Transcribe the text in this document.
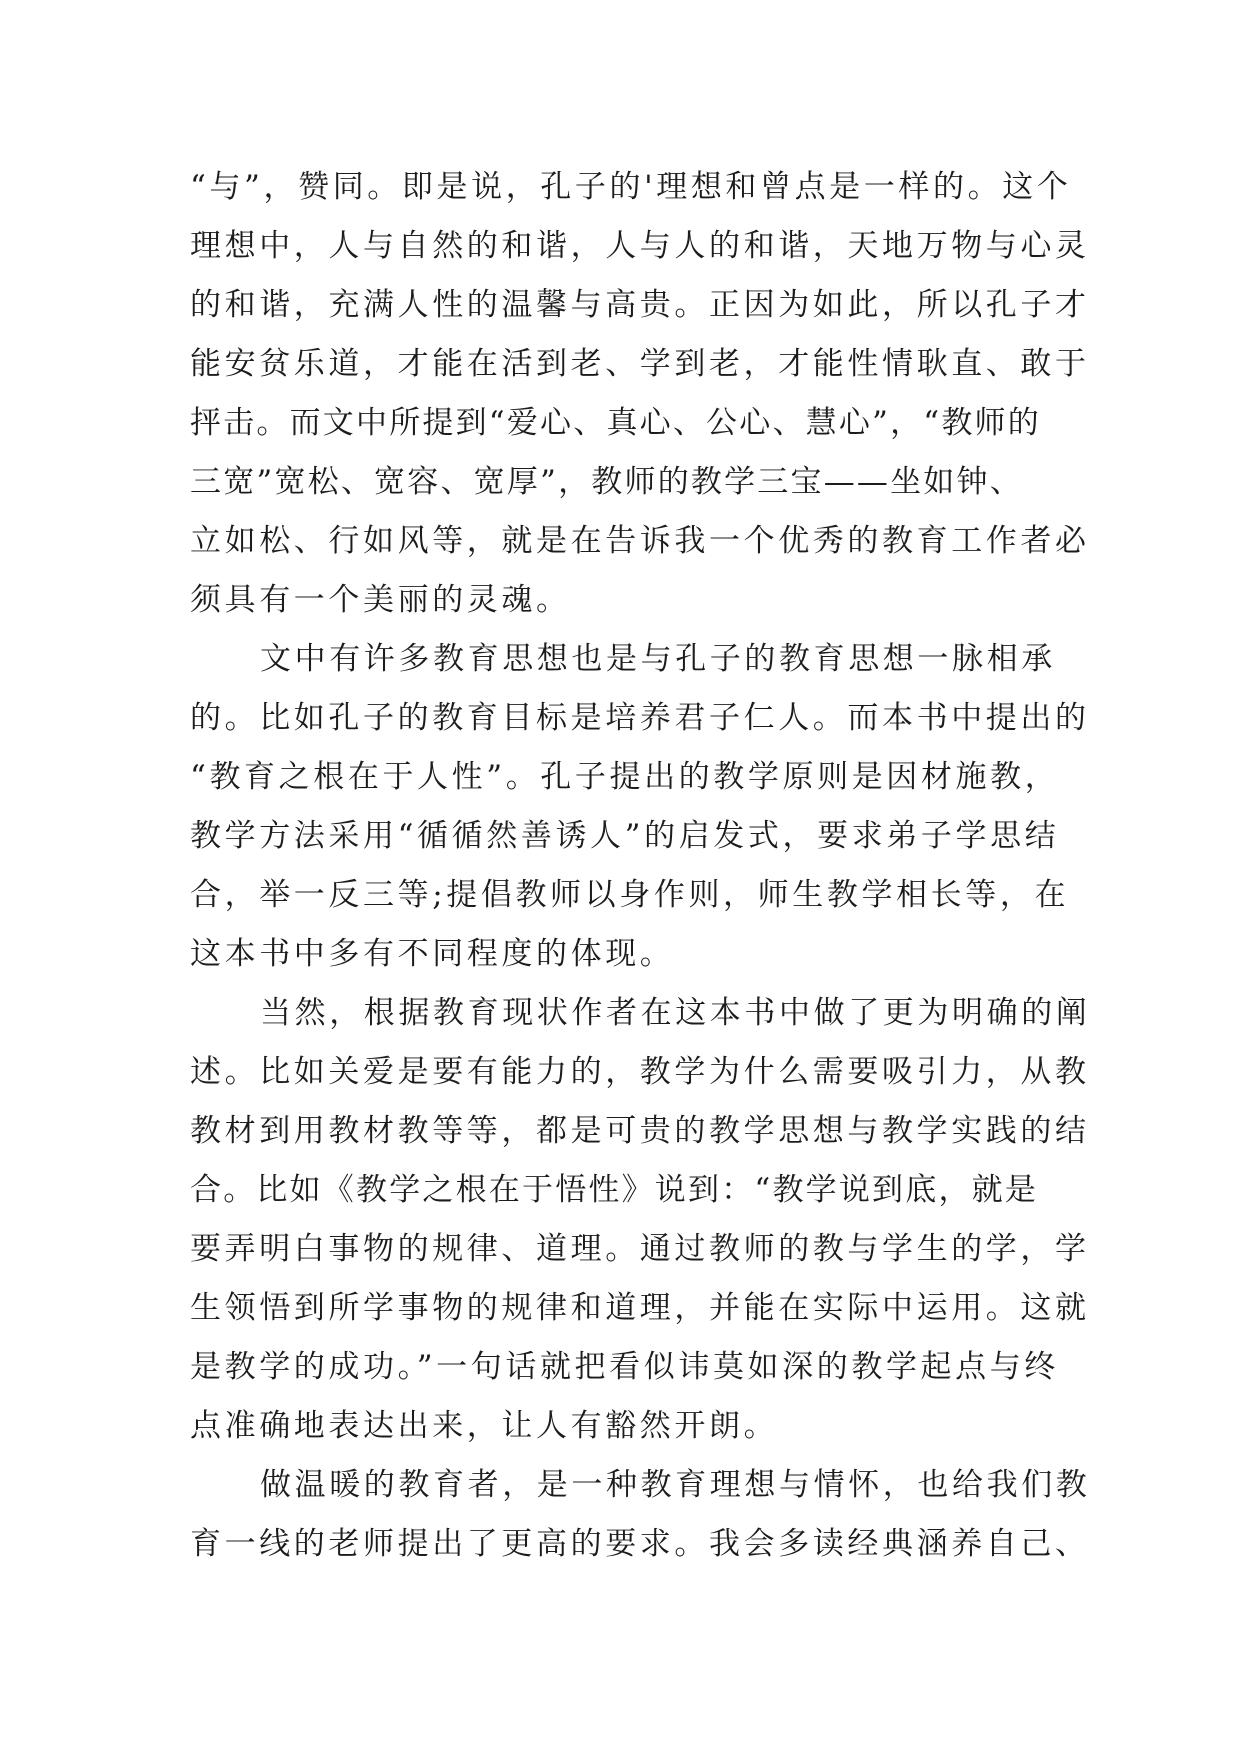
“与”，赞同。即是说，孔子的'理想和曾点是一样的。这个
理想中，人与自然的和谐，人与人的和谐，天地万物与心灵
的和谐，充满人性的温馨与高贵。正因为如此，所以孔子才
能安贫乐道，才能在活到老、学到老，才能性情耿直、敢于
抨击。而文中所提到“爱心、真心、公心、慧心”，“教师的
三宽”宽松、宽容、宽厚”，教师的教学三宝——坐如钟、
立如松、行如风等，就是在告诉我一个优秀的教育工作者必
须具有一个美丽的灵魂。
文中有许多教育思想也是与孔子的教育思想一脉相承
的。比如孔子的教育目标是培养君子仁人。而本书中提出的
“教育之根在于人性”。孔子提出的教学原则是因材施教，
教学方法采用“循循然善诱人”的启发式，要求弟子学思结
合，举一反三等;提倡教师以身作则，师生教学相长等，在
这本书中多有不同程度的体现。
当然，根据教育现状作者在这本书中做了更为明确的阐
述。比如关爱是要有能力的，教学为什么需要吸引力，从教
教材到用教材教等等，都是可贵的教学思想与教学实践的结
合。比如《教学之根在于悟性》说到：“教学说到底，就是
要弄明白事物的规律、道理。通过教师的教与学生的学，学
生领悟到所学事物的规律和道理，并能在实际中运用。这就
是教学的成功。”一句话就把看似讳莫如深的教学起点与终
点准确地表达出来，让人有豁然开朗。
做温暖的教育者，是一种教育理想与情怀，也给我们教
育一线的老师提出了更高的要求。我会多读经典涵养自己、
